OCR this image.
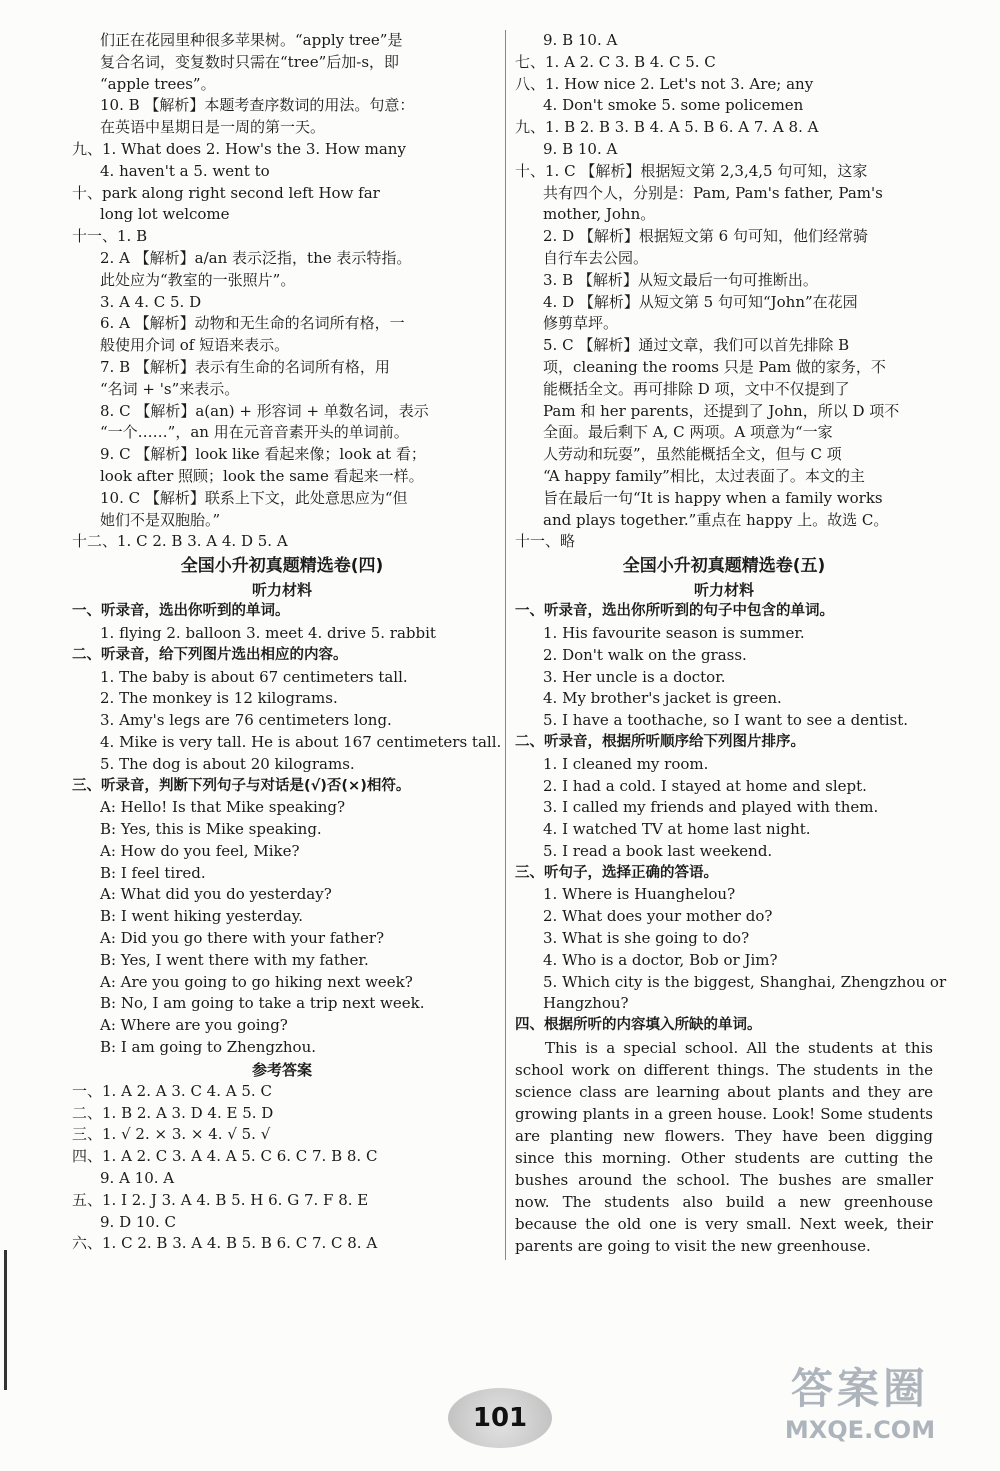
们正在花园里种很多苹果树。“apply tree”是
复合名词，变复数时只需在“tree”后加-s，即
“apple trees”。
10. B 【解析】本题考查序数词的用法。句意：
在英语中星期日是一周的第一天。
九、1. What does 2. How's the 3. How many
4. haven't a 5. went to
十、park along right second left How far
long lot welcome
十一、1. B
2. A 【解析】a/an 表示泛指，the 表示特指。
此处应为“教室的一张照片”。
3. A 4. C 5. D
6. A 【解析】动物和无生命的名词所有格，一
般使用介词 of 短语来表示。
7. B 【解析】表示有生命的名词所有格，用
“名词 + 's”来表示。
8. C 【解析】a(an) + 形容词 + 单数名词，表示
“一个……”，an 用在元音音素开头的单词前。
9. C 【解析】look like 看起来像；look at 看；
look after 照顾；look the same 看起来一样。
10. C 【解析】联系上下文，此处意思应为“但
她们不是双胞胎。”
十二、1. C 2. B 3. A 4. D 5. A
全国小升初真题精选卷(四)
听力材料
一、听录音，选出你听到的单词。
1. flying 2. balloon 3. meet 4. drive 5. rabbit
二、听录音，给下列图片选出相应的内容。
1. The baby is about 67 centimeters tall.
2. The monkey is 12 kilograms.
3. Amy's legs are 76 centimeters long.
4. Mike is very tall. He is about 167 centimeters tall.
5. The dog is about 20 kilograms.
三、听录音，判断下列句子与对话是(√)否(×)相符。
A: Hello! Is that Mike speaking?
B: Yes, this is Mike speaking.
A: How do you feel, Mike?
B: I feel tired.
A: What did you do yesterday?
B: I went hiking yesterday.
A: Did you go there with your father?
B: Yes, I went there with my father.
A: Are you going to go hiking next week?
B: No, I am going to take a trip next week.
A: Where are you going?
B: I am going to Zhengzhou.
参考答案
一、1. A 2. A 3. C 4. A 5. C
二、1. B 2. A 3. D 4. E 5. D
三、1. √ 2. × 3. × 4. √ 5. √
四、1. A 2. C 3. A 4. A 5. C 6. C 7. B 8. C
9. A 10. A
五、1. I 2. J 3. A 4. B 5. H 6. G 7. F 8. E
9. D 10. C
六、1. C 2. B 3. A 4. B 5. B 6. C 7. C 8. A
9. B 10. A
七、1. A 2. C 3. B 4. C 5. C
八、1. How nice 2. Let's not 3. Are; any
4. Don't smoke 5. some policemen
九、1. B 2. B 3. B 4. A 5. B 6. A 7. A 8. A
9. B 10. A
十、1. C 【解析】根据短文第 2,3,4,5 句可知，这家
共有四个人，分别是：Pam, Pam's father, Pam's
mother, John。
2. D 【解析】根据短文第 6 句可知，他们经常骑
自行车去公园。
3. B 【解析】从短文最后一句可推断出。
4. D 【解析】从短文第 5 句可知“John”在花园
修剪草坪。
5. C 【解析】通过文章，我们可以首先排除 B
项，cleaning the rooms 只是 Pam 做的家务，不
能概括全文。再可排除 D 项，文中不仅提到了
Pam 和 her parents，还提到了 John，所以 D 项不
全面。最后剩下 A, C 两项。A 项意为“一家
人劳动和玩耍”，虽然能概括全文，但与 C 项
“A happy family”相比，太过表面了。本文的主
旨在最后一句“It is happy when a family works
and plays together.”重点在 happy 上。故选 C。
十一、略
全国小升初真题精选卷(五)
听力材料
一、听录音，选出你所听到的句子中包含的单词。
1. His favourite season is summer.
2. Don't walk on the grass.
3. Her uncle is a doctor.
4. My brother's jacket is green.
5. I have a toothache, so I want to see a dentist.
二、听录音，根据所听顺序给下列图片排序。
1. I cleaned my room.
2. I had a cold. I stayed at home and slept.
3. I called my friends and played with them.
4. I watched TV at home last night.
5. I read a book last weekend.
三、听句子，选择正确的答语。
1. Where is Huanghelou?
2. What does your mother do?
3. What is she going to do?
4. Who is a doctor, Bob or Jim?
5. Which city is the biggest, Shanghai, Zhengzhou or
Hangzhou?
四、根据所听的内容填入所缺的单词。
This is a special school. All the students at this school work on different things. The students in the science class are learning about plants and they are growing plants in a green house. Look! Some students are planting new flowers. They have been digging since this morning. Other students are cutting the bushes around the school. The bushes are smaller now. The students also build a new greenhouse because the old one is very small. Next week, their parents are going to visit the new greenhouse.
101
答案圈
MXQE.COM
